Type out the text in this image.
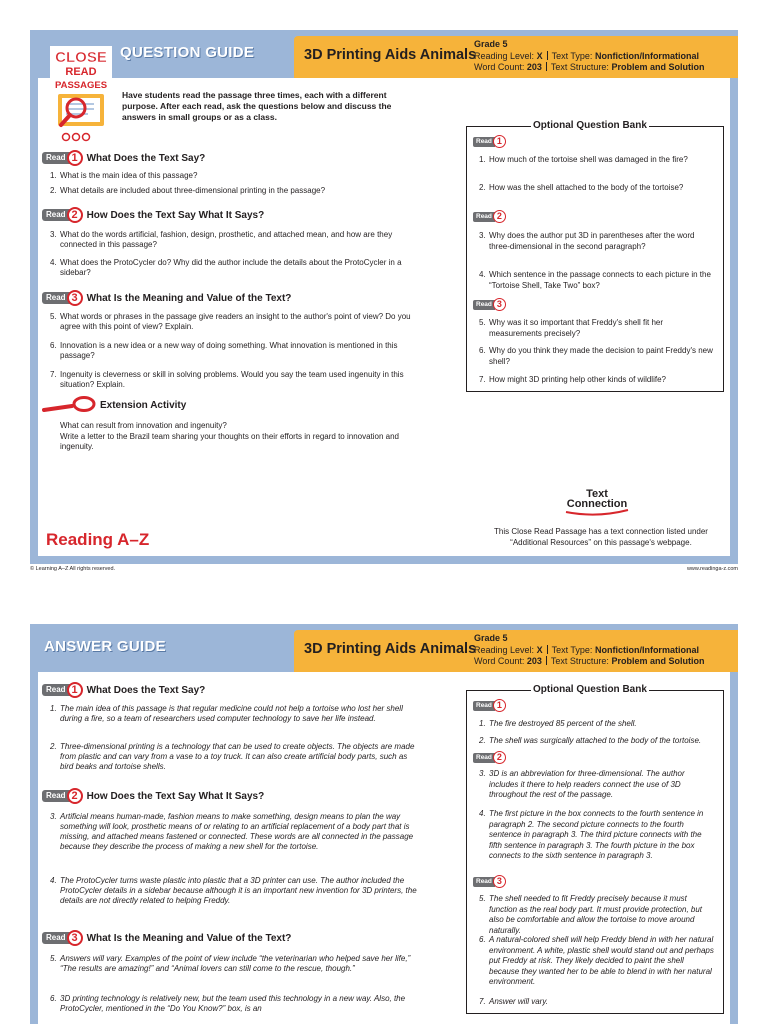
QUESTION GUIDE	3D Printing Aids Animals
Grade 5
Reading Level: X Text Type: Nonfiction/Informational
Word Count: 203 Text Structure: Problem and Solution
CLOSE
READ
PASSAGES
Have students read the passage three times, each with a different purpose. After each read, ask the questions below and discuss the answers in small groups or as a class.
Read 1 What Does the Text Say?
1. What is the main idea of this passage?
2. What details are included about three-dimensional printing in the passage?
Read 2 How Does the Text Say What It Says?
3. What do the words artificial, fashion, design, prosthetic, and attached mean, and how are they connected in this passage?
4. What does the ProtoCycler do? Why did the author include the details about the ProtoCycler in a sidebar?
Read 3 What Is the Meaning and Value of the Text?
5. What words or phrases in the passage give readers an insight to the author's point of view? Do you agree with this point of view? Explain.
6. Innovation is a new idea or a new way of doing something. What innovation is mentioned in this passage?
7. Ingenuity is cleverness or skill in solving problems. Would you say the team used ingenuity in this situation? Explain.
Extension Activity
What can result from innovation and ingenuity?
Write a letter to the Brazil team sharing your thoughts on their efforts in regard to innovation and ingenuity.
Optional Question Bank
Read 1
1. How much of the tortoise shell was damaged in the fire?
2. How was the shell attached to the body of the tortoise?
Read 2
3. Why does the author put 3D in parentheses after the word three-dimensional in the second paragraph?
4. Which sentence in the passage connects to each picture in the “Tortoise Shell, Take Two” box?
Read 3
5. Why was it so important that Freddy's shell fit her measurements precisely?
6. Why do you think they made the decision to paint Freddy's new shell?
7. How might 3D printing help other kinds of wildlife?
Text
Connection
This Close Read Passage has a text connection listed under “Additional Resources” on this passage's webpage.
Reading A–Z
© Learning A–Z All rights reserved.	www.readinga-z.com
ANSWER GUIDE	3D Printing Aids Animals
Grade 5
Reading Level: X Text Type: Nonfiction/Informational
Word Count: 203 Text Structure: Problem and Solution
Read 1 What Does the Text Say?
1. The main idea of this passage is that regular medicine could not help a tortoise who lost her shell during a fire, so a team of researchers used computer technology to save her life instead.
2. Three-dimensional printing is a technology that can be used to create objects. The objects are made from plastic and can vary from a vase to a toy truck. It can also create artificial body parts, such as bird beaks and tortoise shells.
Read 2 How Does the Text Say What It Says?
3. Artificial means human-made, fashion means to make something, design means to plan the way something will look, prosthetic means of or relating to an artificial replacement of a body part that is missing, and attached means fastened or connected. These words are all connected in the passage because they describe the process of making a new shell for the tortoise.
4. The ProtoCycler turns waste plastic into plastic that a 3D printer can use. The author included the ProtoCycler details in a sidebar because although it is an important new invention for 3D printers, the details are not directly related to helping Freddy.
Read 3 What Is the Meaning and Value of the Text?
5. Answers will vary. Examples of the point of view include “the veterinarian who helped save her life,” “The results are amazing!” and “Animal lovers can still come to the rescue, though.”
6. 3D printing technology is relatively new, but the team used this technology in a new way. Also, the ProtoCycler, mentioned in the “Do You Know?” box, is an
Optional Question Bank
Read 1
1. The fire destroyed 85 percent of the shell.
2. The shell was surgically attached to the body of the tortoise.
Read 2
3. 3D is an abbreviation for three-dimensional. The author includes it there to help readers connect the use of 3D throughout the rest of the passage.
4. The first picture in the box connects to the fourth sentence in paragraph 2. The second picture connects to the fourth sentence in paragraph 3. The third picture connects with the fifth sentence in paragraph 3. The fourth picture in the box connects to the sixth sentence in paragraph 3.
Read 3
5. The shell needed to fit Freddy precisely because it must function as the real body part. It must provide protection, but also be comfortable and allow the tortoise to move around naturally.
6. A natural-colored shell will help Freddy blend in with her natural environment. A white, plastic shell would stand out and perhaps put Freddy at risk. They likely decided to paint the shell because they wanted her to be able to blend in with her natural environment.
7. Answer will vary.
